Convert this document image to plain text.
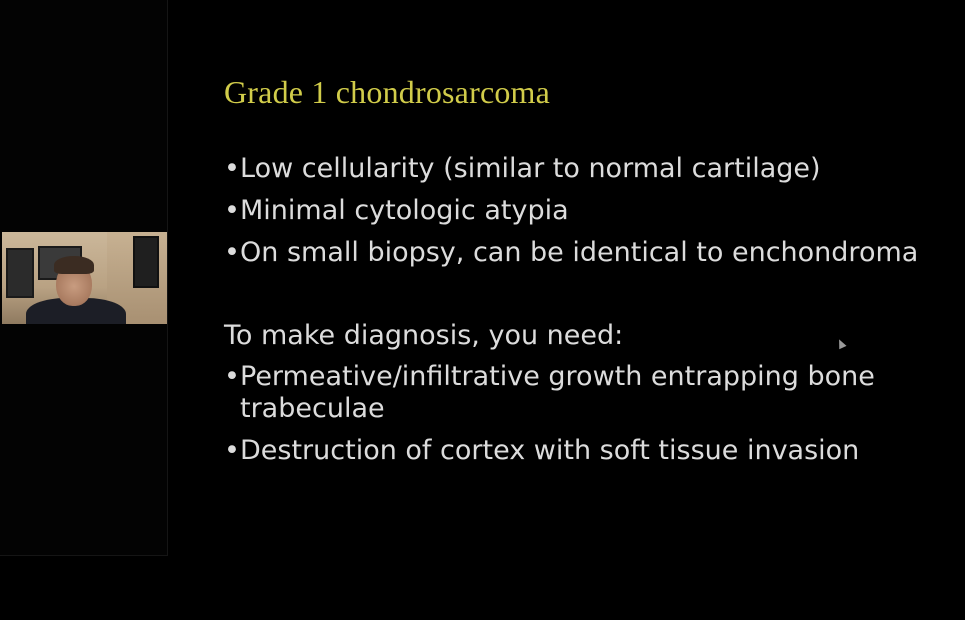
Grade 1 chondrosarcoma
• Low cellularity (similar to normal cartilage)
• Minimal cytologic atypia
• On small biopsy, can be identical to enchondroma

To make diagnosis, you need:

• Permeative/infiltrative growth entrapping bone trabeculae
• Destruction of cortex with soft tissue invasion
